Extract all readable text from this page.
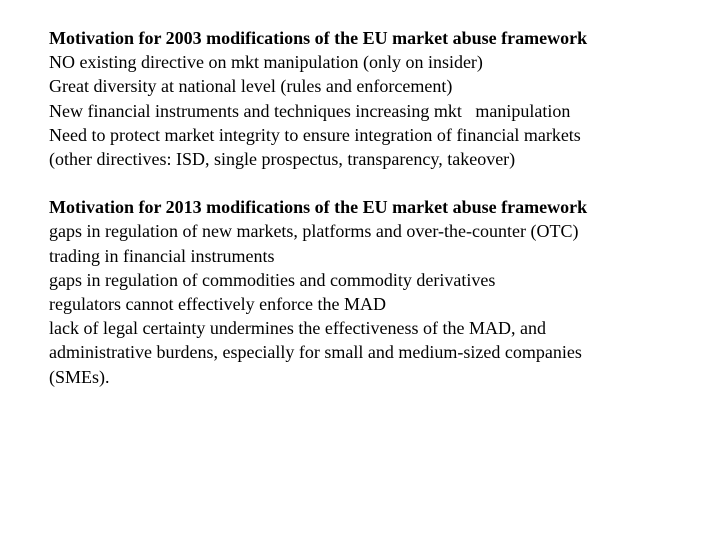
Motivation for 2003 modifications of the EU market abuse framework
NO existing directive on mkt manipulation (only on insider)
Great diversity at national level (rules and enforcement)
New financial instruments and techniques increasing mkt   manipulation
Need to protect market integrity to ensure integration of financial markets
(other directives: ISD, single prospectus, transparency, takeover)
Motivation for 2013 modifications of the EU market abuse framework
gaps in regulation of new markets, platforms and over-the-counter (OTC)
trading in financial instruments
gaps in regulation of commodities and commodity derivatives
regulators cannot effectively enforce the MAD
lack of legal certainty undermines the effectiveness of the MAD, and
administrative burdens, especially for small and medium-sized companies
(SMEs).
